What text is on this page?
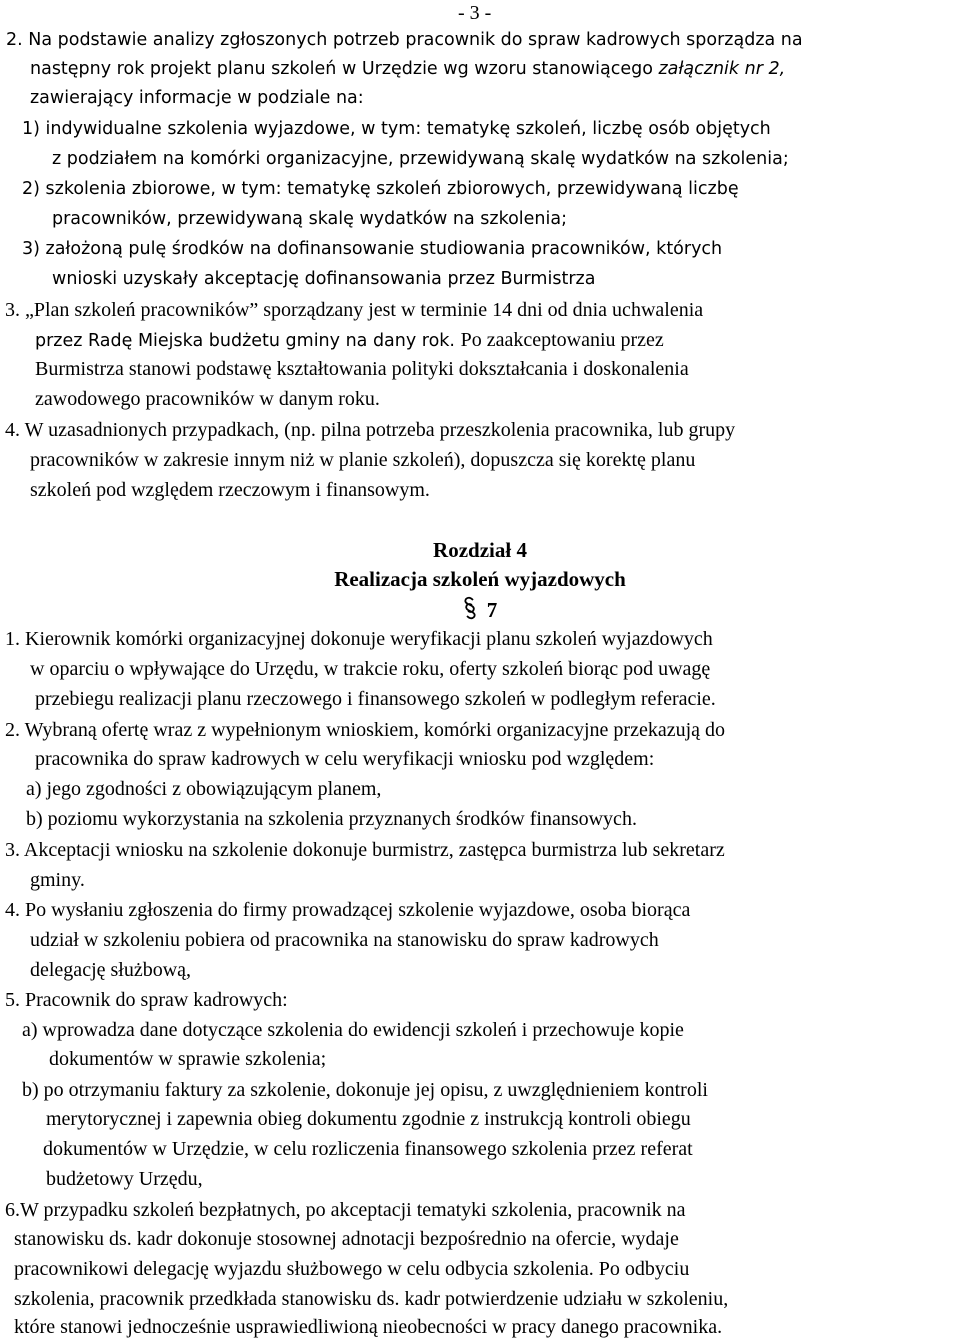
- 3 -
2. Na podstawie analizy zgłoszonych potrzeb pracownik do spraw kadrowych sporządza na
następny rok projekt planu szkoleń w Urzędzie wg wzoru stanowiącego załącznik nr 2,
zawierający informacje w podziale na:
1) indywidualne szkolenia wyjazdowe, w tym: tematykę szkoleń, liczbę osób objętych
z podziałem na komórki organizacyjne, przewidywaną skalę wydatków na szkolenia;
2) szkolenia zbiorowe, w tym: tematykę szkoleń zbiorowych, przewidywaną liczbę
pracowników, przewidywaną skalę wydatków na szkolenia;
3) założoną pulę środków na dofinansowanie studiowania pracowników, których
wnioski uzyskały akceptację dofinansowania przez Burmistrza
3. „Plan szkoleń pracowników” sporządzany jest w terminie 14 dni od dnia uchwalenia
przez Radę Miejska budżetu gminy na dany rok. Po zaakceptowaniu przez
Burmistrza stanowi podstawę kształtowania polityki dokształcania i doskonalenia
zawodowego pracowników w danym roku.
4. W uzasadnionych przypadkach, (np. pilna potrzeba przeszkolenia pracownika, lub grupy
pracowników w zakresie innym niż w planie szkoleń), dopuszcza się korektę planu
szkoleń pod względem rzeczowym i finansowym.
Rozdział 4
Realizacja szkoleń wyjazdowych
7
1. Kierownik komórki organizacyjnej dokonuje weryfikacji planu szkoleń wyjazdowych
w oparciu o wpływające do Urzędu, w trakcie roku, oferty szkoleń biorąc pod uwagę
przebiegu realizacji planu rzeczowego i finansowego szkoleń w podległym referacie.
2. Wybraną ofertę wraz z wypełnionym wnioskiem, komórki organizacyjne przekazują do
pracownika do spraw kadrowych w celu weryfikacji wniosku pod względem:
a) jego zgodności z obowiązującym planem,
b) poziomu wykorzystania na szkolenia przyznanych środków finansowych.
3. Akceptacji wniosku na szkolenie dokonuje burmistrz, zastępca burmistrza lub sekretarz
gminy.
4. Po wysłaniu zgłoszenia do firmy prowadzącej szkolenie wyjazdowe, osoba biorąca
udział w szkoleniu pobiera od pracownika na stanowisku do spraw kadrowych
delegację służbową,
5. Pracownik do spraw kadrowych:
a) wprowadza dane dotyczące szkolenia do ewidencji szkoleń i przechowuje kopie
dokumentów w sprawie szkolenia;
b) po otrzymaniu faktury za szkolenie, dokonuje jej opisu, z uwzględnieniem kontroli
merytorycznej i zapewnia obieg dokumentu zgodnie z instrukcją kontroli obiegu
dokumentów w Urzędzie, w celu rozliczenia finansowego szkolenia przez referat
budżetowy Urzędu,
6.W przypadku szkoleń bezpłatnych, po akceptacji tematyki szkolenia, pracownik na
stanowisku ds. kadr dokonuje stosownej adnotacji bezpośrednio na ofercie, wydaje
pracownikowi delegację wyjazdu służbowego w celu odbycia szkolenia. Po odbyciu
szkolenia, pracownik przedkłada stanowisku ds. kadr potwierdzenie udziału w szkoleniu,
które stanowi jednocześnie usprawiedliwioną nieobecności w pracy danego pracownika.
